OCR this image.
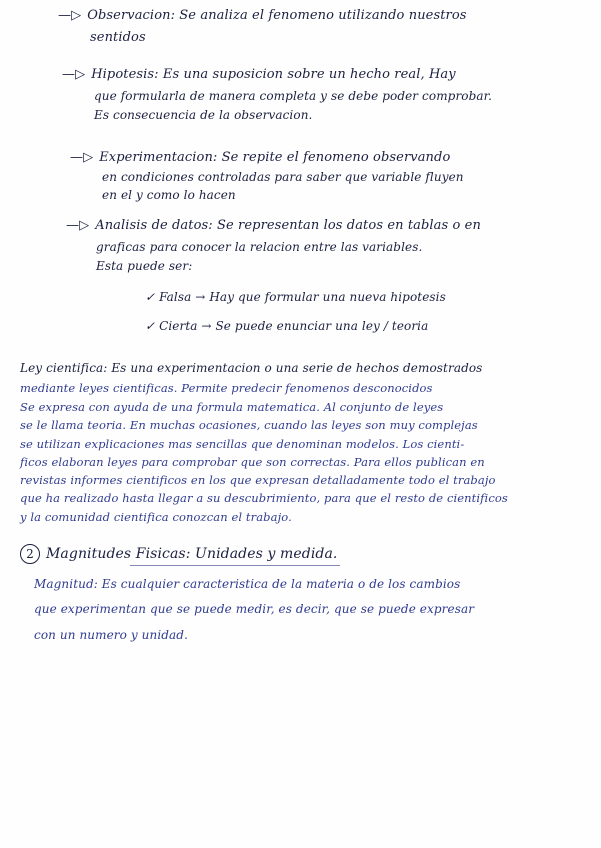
—▷ Observacion: Se analiza el fenomeno utilizando nuestros
sentidos
—▷ Hipotesis: Es una suposicion sobre un hecho real, Hay
que formularla de manera completa y se debe poder comprobar.
Es consecuencia de la observacion.
—▷ Experimentacion: Se repite el fenomeno observando
en condiciones controladas para saber que variable fluyen
en el y como lo hacen
—▷ Analisis de datos: Se representan los datos en tablas o en
graficas para conocer la relacion entre las variables.
Esta puede ser:
✓ Falsa → Hay que formular una nueva hipotesis
✓ Cierta → Se puede enunciar una ley / teoria
Ley cientifica: Es una experimentacion o una serie de hechos demostrados
mediante leyes cientificas. Permite predecir fenomenos desconocidos
Se expresa con ayuda de una formula matematica. Al conjunto de leyes
se le llama teoria. En muchas ocasiones, cuando las leyes son muy complejas
se utilizan explicaciones mas sencillas que denominan modelos. Los cienti-
ficos elaboran leyes para comprobar que son correctas. Para ellos publican en
revistas informes cientificos en los que expresan detalladamente todo el trabajo
que ha realizado hasta llegar a su descubrimiento, para que el resto de cientificos
y la comunidad cientifica conozcan el trabajo.
2 Magnitudes Fisicas: Unidades y medida.
Magnitud: Es cualquier caracteristica de la materia o de los cambios
que experimentan que se puede medir, es decir, que se puede expresar
con un numero y unidad.
